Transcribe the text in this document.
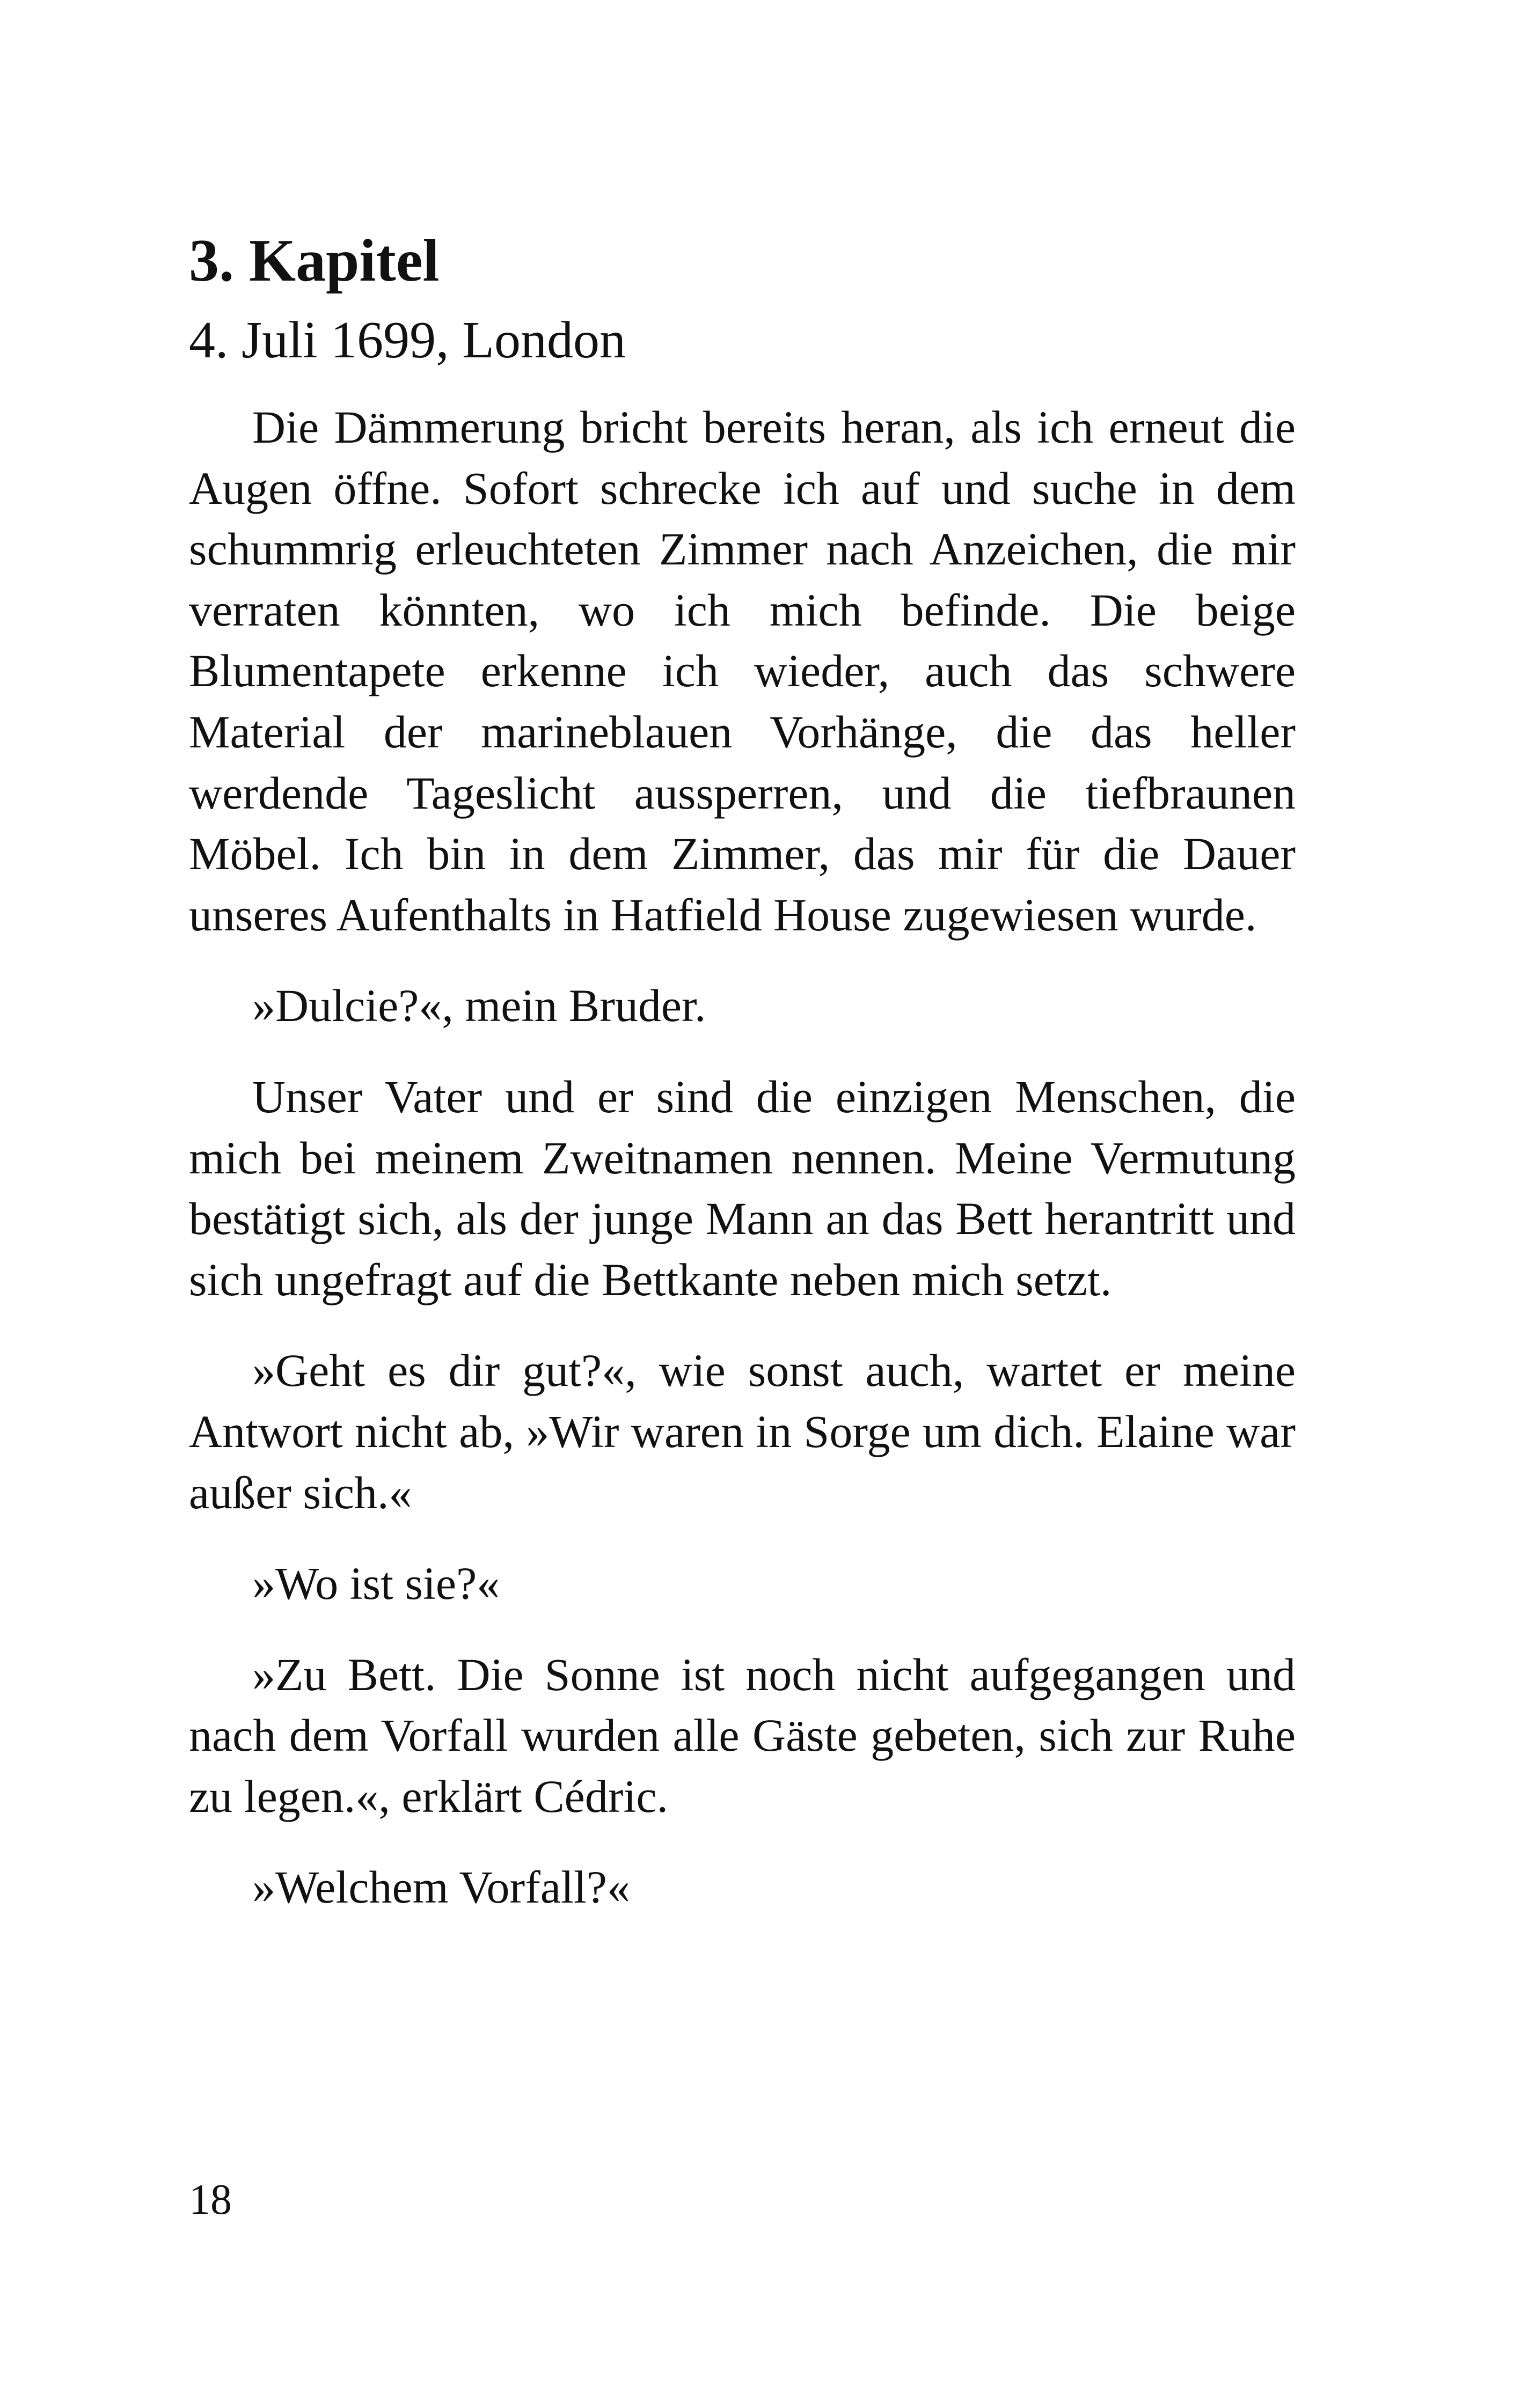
3. Kapitel
4. Juli 1699, London

Die Dämmerung bricht bereits heran, als ich erneut die Augen öffne. Sofort schrecke ich auf und suche in dem schummrig erleuchteten Zimmer nach Anzeichen, die mir verraten könnten, wo ich mich befinde. Die beige Blumentapete erkenne ich wieder, auch das schwere Material der marineblauen Vorhänge, die das heller werdende Tageslicht aussperren, und die tiefbraunen Möbel. Ich bin in dem Zimmer, das mir für die Dauer unseres Aufenthalts in Hatfield House zugewiesen wurde.

»Dulcie?«, mein Bruder.

Unser Vater und er sind die einzigen Menschen, die mich bei meinem Zweitnamen nennen. Meine Vermutung bestätigt sich, als der junge Mann an das Bett herantritt und sich ungefragt auf die Bettkante neben mich setzt.

»Geht es dir gut?«, wie sonst auch, wartet er meine Antwort nicht ab, »Wir waren in Sorge um dich. Elaine war außer sich.«

»Wo ist sie?«

»Zu Bett. Die Sonne ist noch nicht aufgegangen und nach dem Vorfall wurden alle Gäste gebeten, sich zur Ruhe zu legen.«, erklärt Cédric.

»Welchem Vorfall?«

18
